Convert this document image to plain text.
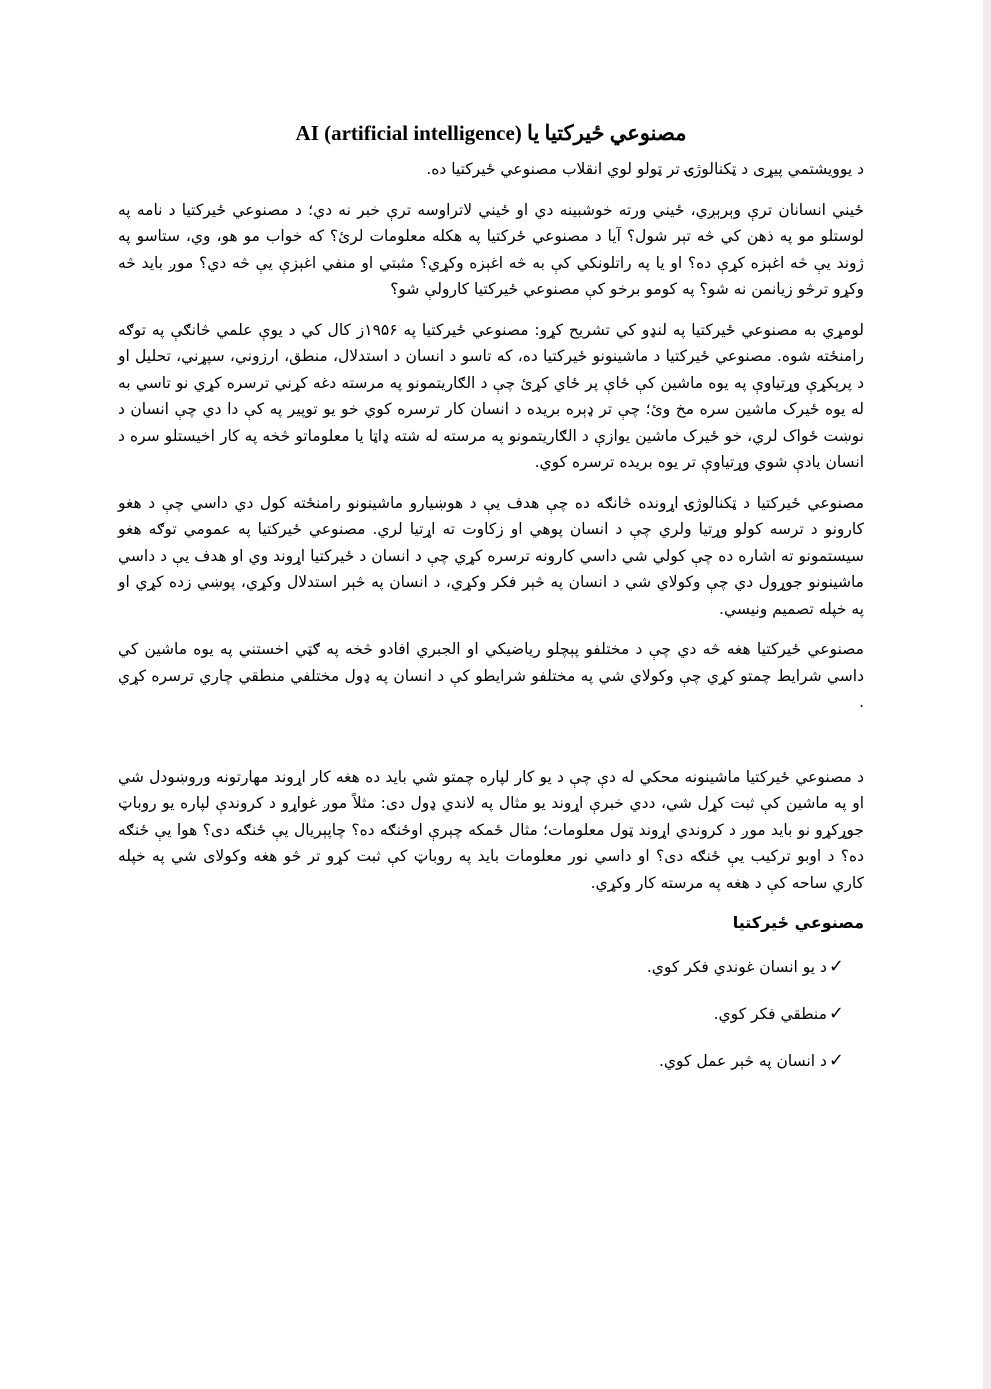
مصنوعي ځیرکتیا یا AI (artificial intelligence)

د یوویشتمي پیړی د ټکنالوژۍ تر ټولو لوي انقلاب مصنوعي ځیرکتیا ده.

ځیني انسانان ترې وېرېږي، ځیني ورته خوشبینه دي او ځیني لاتراوسه ترې خبر نه دي؛ د مصنوعي ځیرکتیا د نامه په لوستلو مو په ذهن کي څه تېر شول؟ آیا د مصنوعي ځرکتیا په هکله معلومات لرئ؟ که خواب مو هو، وي، ستاسو په ژوند یې څه اغېزه کړې ده؟ او یا په راتلونکي کې به څه اغېزه وکړي؟ مثبتي او منفي اغېزې یې څه دي؟ موږ باید څه وکړو ترڅو زیانمن نه شو؟ په کومو برخو کې مصنوعي ځیرکتیا کارولې شو؟

لومړي به مصنوعي ځیرکتیا په لنډو کي تشریح کړو: مصنوعي ځیرکتیا په ۱۹۵۶ز کال کي د یوې علمي څانګې په توګه رامنځته شوه. مصنوعي ځیرکتیا د ماشینونو ځیرکتیا ده، که تاسو د انسان د استدلال، منطق، ارزوني، سپړني، تحلیل او د پرېکړې وړتیاوې په یوه ماشین کې ځاې پر ځاي کړئ چې د الګاریتمونو په مرسته دغه کړني ترسره کړي نو تاسي به له یوه ځیرک ماشین سره مخ وئ؛ چې تر ډېره بریده د انسان کار ترسره کوي خو یو توپیر په کې دا دي چې انسان د نوښت ځواک لري، خو ځیرک ماشین یوازې د الګاریتمونو په مرسته له شته ډاټا یا معلوماتو څخه په کار اخیستلو سره د انسان یادې شوي وړتیاوې تر یوه بریده ترسره کوي.

مصنوعي ځیرکتیا د ټکنالوژۍ اړونده څانګه ده چې هدف یې د هوښیارو ماشینونو رامنځته کول دي داسي چې د هغو کارونو د ترسه کولو وړتیا ولري چې د انسان پوهي او زکاوت ته اړتیا لري. مصنوعي ځیرکتیا په عمومي توګه هغو سیستمونو ته اشاره ده چې کولي شي داسي کارونه ترسره کړي چې د انسان د ځیرکتیا اړوند وي او هدف یې د داسي ماشینونو جوړول دي چې وکولاي شي د انسان په څېر فکر وکړي، د انسان په څېر استدلال وکړي، پوښي زده کړي او په خپله تصمیم ونیسي.

مصنوعي ځیرکتیا هغه څه دي چې د مختلفو پېچلو ریاضیکي او الجبري افادو څخه په ګټي اخستني په یوه ماشین کي داسي شرایط چمتو کړي چې وکولاي شي په مختلفو شرایطو کې د انسان په ډول مختلفي منطقي چاري ترسره کړي .

د مصنوعي ځیرکتیا ماشینونه محکي له دې چې د یو کار لپاره چمتو شي باید ده هغه کار اړوند مهارتونه وروښودل شي او په ماشین کې ثبت کړل شي، ددي خبرې اړوند یو مثال په لاندي ډول دی: مثلاً موږ غواړو د کروندې لپاره یو روباټ جوړکړو نو باید موږ د کروندي اړوند ټول معلومات؛ مثال ځمکه چېرې اوځنګه ده؟ چاپېریال یې ځنګه دی؟ هوا یې ځنګه ده؟ د اوبو ترکیب یې ځنګه دی؟ او داسي نور معلومات باید په روباټ کې ثبت کړو تر څو هغه وکولای شي په خپله کاري ساحه کې د هغه په مرسته کار وکړي.

مصنوعي ځیرکتیا
✓
د یو انسان غوندي فکر کوي.
✓
منطقي فکر کوي.
✓
د انسان په څېر عمل کوي.
